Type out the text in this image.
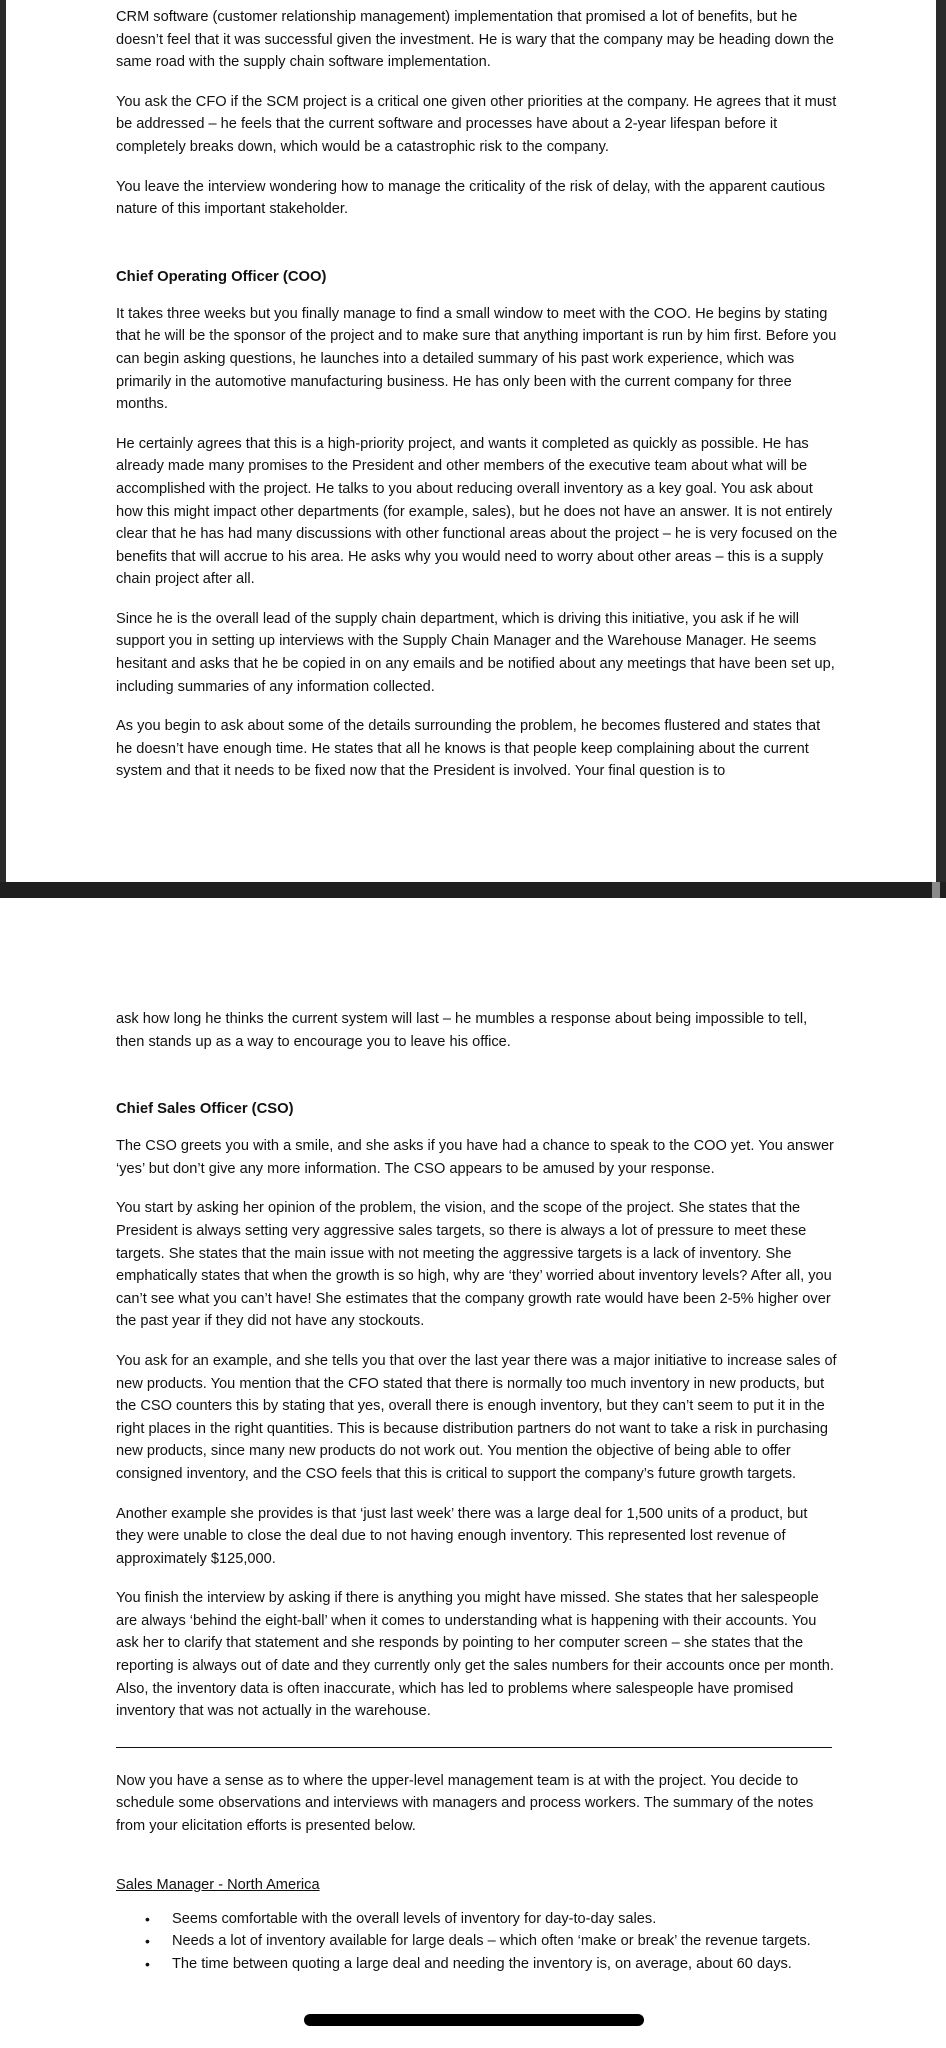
CRM software (customer relationship management) implementation that promised a lot of benefits, but he doesn’t feel that it was successful given the investment. He is wary that the company may be heading down the same road with the supply chain software implementation.

You ask the CFO if the SCM project is a critical one given other priorities at the company. He agrees that it must be addressed – he feels that the current software and processes have about a 2-year lifespan before it completely breaks down, which would be a catastrophic risk to the company.

You leave the interview wondering how to manage the criticality of the risk of delay, with the apparent cautious nature of this important stakeholder.

Chief Operating Officer (COO)

It takes three weeks but you finally manage to find a small window to meet with the COO. He begins by stating that he will be the sponsor of the project and to make sure that anything important is run by him first. Before you can begin asking questions, he launches into a detailed summary of his past work experience, which was primarily in the automotive manufacturing business. He has only been with the current company for three months.

He certainly agrees that this is a high-priority project, and wants it completed as quickly as possible. He has already made many promises to the President and other members of the executive team about what will be accomplished with the project. He talks to you about reducing overall inventory as a key goal. You ask about how this might impact other departments (for example, sales), but he does not have an answer. It is not entirely clear that he has had many discussions with other functional areas about the project – he is very focused on the benefits that will accrue to his area. He asks why you would need to worry about other areas – this is a supply chain project after all.

Since he is the overall lead of the supply chain department, which is driving this initiative, you ask if he will support you in setting up interviews with the Supply Chain Manager and the Warehouse Manager. He seems hesitant and asks that he be copied in on any emails and be notified about any meetings that have been set up, including summaries of any information collected.

As you begin to ask about some of the details surrounding the problem, he becomes flustered and states that he doesn’t have enough time. He states that all he knows is that people keep complaining about the current system and that it needs to be fixed now that the President is involved. Your final question is to

ask how long he thinks the current system will last – he mumbles a response about being impossible to tell, then stands up as a way to encourage you to leave his office.

Chief Sales Officer (CSO)

The CSO greets you with a smile, and she asks if you have had a chance to speak to the COO yet. You answer ‘yes’ but don’t give any more information. The CSO appears to be amused by your response.

You start by asking her opinion of the problem, the vision, and the scope of the project. She states that the President is always setting very aggressive sales targets, so there is always a lot of pressure to meet these targets. She states that the main issue with not meeting the aggressive targets is a lack of inventory. She emphatically states that when the growth is so high, why are ‘they’ worried about inventory levels? After all, you can’t see what you can’t have! She estimates that the company growth rate would have been 2-5% higher over the past year if they did not have any stockouts.

You ask for an example, and she tells you that over the last year there was a major initiative to increase sales of new products. You mention that the CFO stated that there is normally too much inventory in new products, but the CSO counters this by stating that yes, overall there is enough inventory, but they can’t seem to put it in the right places in the right quantities. This is because distribution partners do not want to take a risk in purchasing new products, since many new products do not work out. You mention the objective of being able to offer consigned inventory, and the CSO feels that this is critical to support the company’s future growth targets.

Another example she provides is that ‘just last week’ there was a large deal for 1,500 units of a product, but they were unable to close the deal due to not having enough inventory. This represented lost revenue of approximately $125,000.

You finish the interview by asking if there is anything you might have missed. She states that her salespeople are always ‘behind the eight-ball’ when it comes to understanding what is happening with their accounts. You ask her to clarify that statement and she responds by pointing to her computer screen – she states that the reporting is always out of date and they currently only get the sales numbers for their accounts once per month. Also, the inventory data is often inaccurate, which has led to problems where salespeople have promised inventory that was not actually in the warehouse.

Now you have a sense as to where the upper-level management team is at with the project. You decide to schedule some observations and interviews with managers and process workers. The summary of the notes from your elicitation efforts is presented below.

Sales Manager - North America
• Seems comfortable with the overall levels of inventory for day-to-day sales.
• Needs a lot of inventory available for large deals – which often ‘make or break’ the revenue targets.
• The time between quoting a large deal and needing the inventory is, on average, about 60 days.
